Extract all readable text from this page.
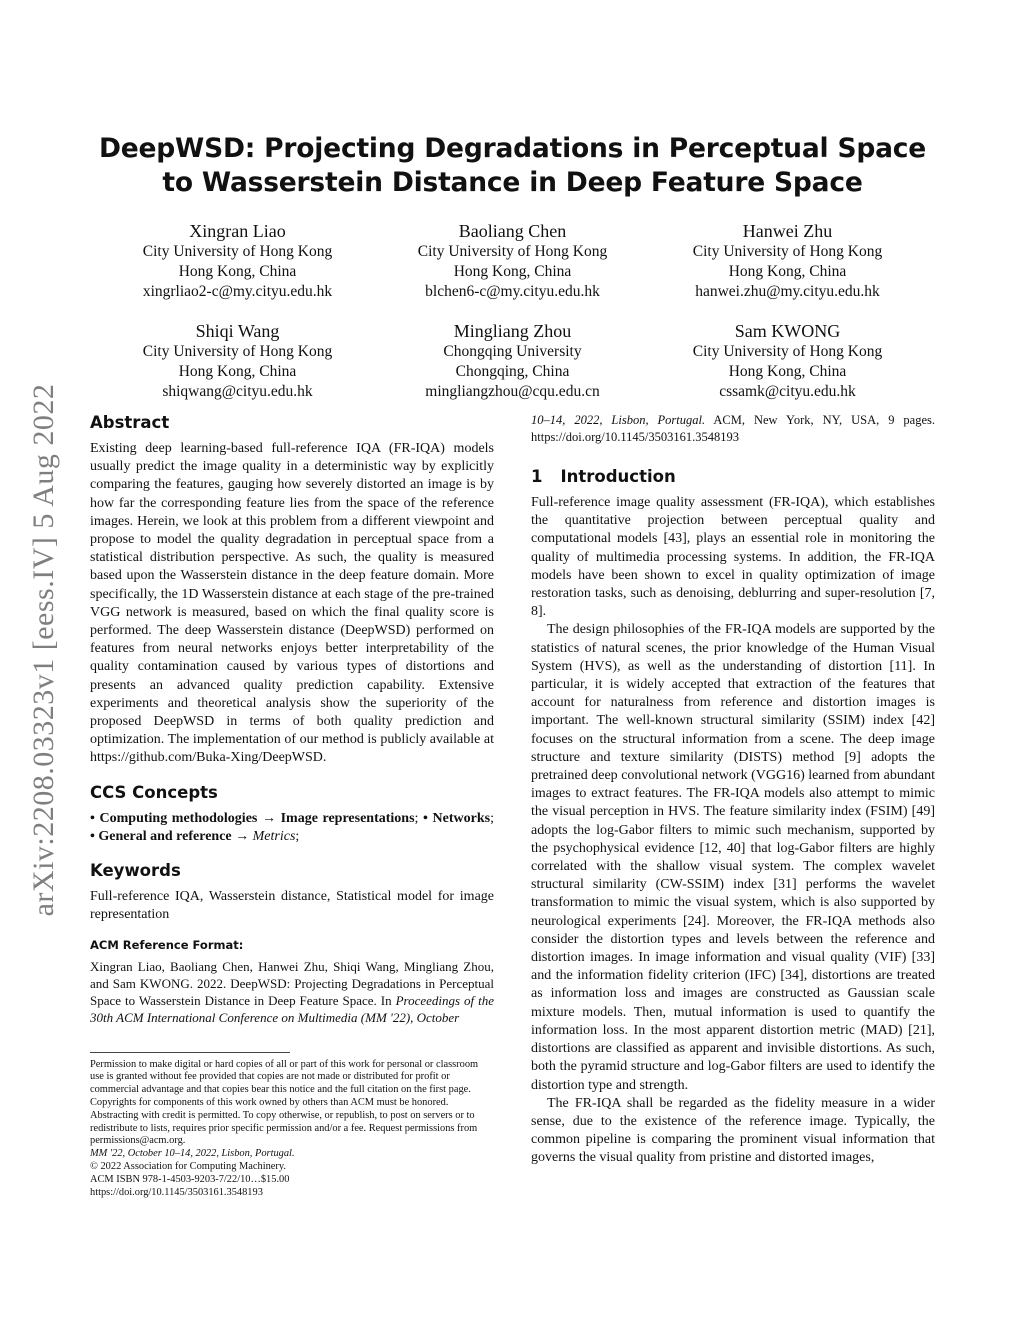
arXiv:2208.03323v1 [eess.IV] 5 Aug 2022
DeepWSD: Projecting Degradations in Perceptual Space to Wasserstein Distance in Deep Feature Space
Xingran Liao
City University of Hong Kong
Hong Kong, China
xingrliao2-c@my.cityu.edu.hk
Baoliang Chen
City University of Hong Kong
Hong Kong, China
blchen6-c@my.cityu.edu.hk
Hanwei Zhu
City University of Hong Kong
Hong Kong, China
hanwei.zhu@my.cityu.edu.hk
Shiqi Wang
City University of Hong Kong
Hong Kong, China
shiqwang@cityu.edu.hk
Mingliang Zhou
Chongqing University
Chongqing, China
mingliangzhou@cqu.edu.cn
Sam KWONG
City University of Hong Kong
Hong Kong, China
cssamk@cityu.edu.hk
Abstract

Existing deep learning-based full-reference IQA (FR-IQA) models usually predict the image quality in a deterministic way by explicitly comparing the features, gauging how severely distorted an image is by how far the corresponding feature lies from the space of the reference images. Herein, we look at this problem from a different viewpoint and propose to model the quality degradation in perceptual space from a statistical distribution perspective. As such, the quality is measured based upon the Wasserstein distance in the deep feature domain. More specifically, the 1D Wasserstein distance at each stage of the pre-trained VGG network is measured, based on which the final quality score is performed. The deep Wasserstein distance (DeepWSD) performed on features from neural networks enjoys better interpretability of the quality contamination caused by various types of distortions and presents an advanced quality prediction capability. Extensive experiments and theoretical analysis show the superiority of the proposed DeepWSD in terms of both quality prediction and optimization. The implementation of our method is publicly available at https://github.com/Buka-Xing/DeepWSD.

CCS Concepts

• Computing methodologies → Image representations; • Networks; • General and reference → Metrics;

Keywords

Full-reference IQA, Wasserstein distance, Statistical model for image representation

ACM Reference Format:

Xingran Liao, Baoliang Chen, Hanwei Zhu, Shiqi Wang, Mingliang Zhou, and Sam KWONG. 2022. DeepWSD: Projecting Degradations in Perceptual Space to Wasserstein Distance in Deep Feature Space. In Proceedings of the 30th ACM International Conference on Multimedia (MM '22), October

Permission to make digital or hard copies of all or part of this work for personal or classroom use is granted without fee provided that copies are not made or distributed for profit or commercial advantage and that copies bear this notice and the full citation on the first page. Copyrights for components of this work owned by others than ACM must be honored. Abstracting with credit is permitted. To copy otherwise, or republish, to post on servers or to redistribute to lists, requires prior specific permission and/or a fee. Request permissions from permissions@acm.org.
MM '22, October 10–14, 2022, Lisbon, Portugal.
© 2022 Association for Computing Machinery.
ACM ISBN 978-1-4503-9203-7/22/10…$15.00
https://doi.org/10.1145/3503161.3548193

10–14, 2022, Lisbon, Portugal. ACM, New York, NY, USA, 9 pages. https://doi.org/10.1145/3503161.3548193

1 Introduction

Full-reference image quality assessment (FR-IQA), which establishes the quantitative projection between perceptual quality and computational models [43], plays an essential role in monitoring the quality of multimedia processing systems. In addition, the FR-IQA models have been shown to excel in quality optimization of image restoration tasks, such as denoising, deblurring and super-resolution [7, 8].

The design philosophies of the FR-IQA models are supported by the statistics of natural scenes, the prior knowledge of the Human Visual System (HVS), as well as the understanding of distortion [11]. In particular, it is widely accepted that extraction of the features that account for naturalness from reference and distortion images is important. The well-known structural similarity (SSIM) index [42] focuses on the structural information from a scene. The deep image structure and texture similarity (DISTS) method [9] adopts the pretrained deep convolutional network (VGG16) learned from abundant images to extract features. The FR-IQA models also attempt to mimic the visual perception in HVS. The feature similarity index (FSIM) [49] adopts the log-Gabor filters to mimic such mechanism, supported by the psychophysical evidence [12, 40] that log-Gabor filters are highly correlated with the shallow visual system. The complex wavelet structural similarity (CW-SSIM) index [31] performs the wavelet transformation to mimic the visual system, which is also supported by neurological experiments [24]. Moreover, the FR-IQA methods also consider the distortion types and levels between the reference and distortion images. In image information and visual quality (VIF) [33] and the information fidelity criterion (IFC) [34], distortions are treated as information loss and images are constructed as Gaussian scale mixture models. Then, mutual information is used to quantify the information loss. In the most apparent distortion metric (MAD) [21], distortions are classified as apparent and invisible distortions. As such, both the pyramid structure and log-Gabor filters are used to identify the distortion type and strength.

The FR-IQA shall be regarded as the fidelity measure in a wider sense, due to the existence of the reference image. Typically, the common pipeline is comparing the prominent visual information that governs the visual quality from pristine and distorted images,
